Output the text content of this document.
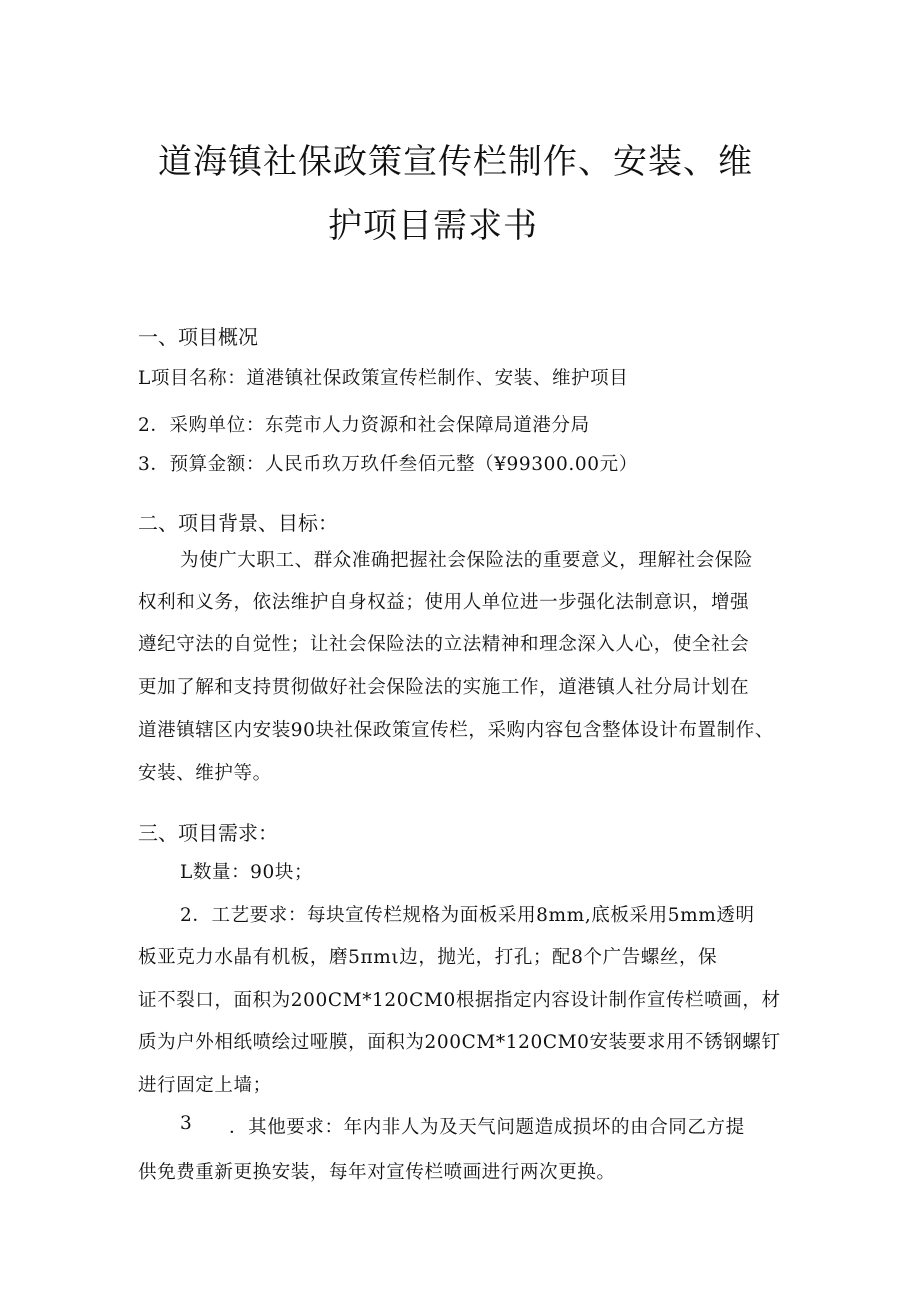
道海镇社保政策宣传栏制作、安装、维
护项目需求书
一、项目概况
L项目名称：道港镇社保政策宣传栏制作、安装、维护项目
2．采购单位：东莞市人力资源和社会保障局道港分局
3．预算金额：人民币玖万玖仟叁佰元整（¥99300.00元）
二、项目背景、目标：
为使广大职工、群众准确把握社会保险法的重要意义，理解社会保险
权利和义务，依法维护自身权益；使用人单位进一步强化法制意识，增强
遵纪守法的自觉性；让社会保险法的立法精神和理念深入人心，使全社会
更加了解和支持贯彻做好社会保险法的实施工作，道港镇人社分局计划在
道港镇辖区内安装90块社保政策宣传栏，采购内容包含整体设计布置制作、
安装、维护等。
三、项目需求：
L数量：90块；
2．工艺要求：每块宣传栏规格为面板采用8mm,底板采用5mm透明
板亚克力水晶有机板，磨5πmι边，抛光，打孔；配8个广告螺丝，保
证不裂口，面积为200CM*120CM0根据指定内容设计制作宣传栏喷画，材
质为户外相纸喷绘过哑膜，面积为200CM*120CM0安装要求用不锈钢螺钉
进行固定上墙；
3 ．其他要求：年内非人为及天气问题造成损坏的由合同乙方提
供免费重新更换安装，每年对宣传栏喷画进行两次更换。
